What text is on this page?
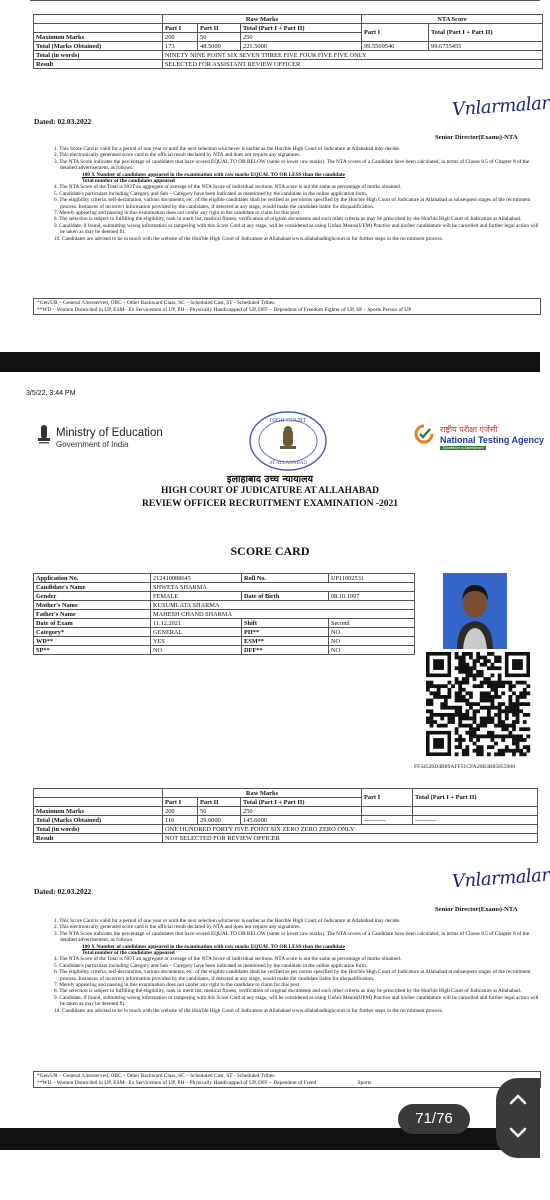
	Raw Marks			NTA Score	
	Part I	Part II	Total (Part I + Part II)	Part I	Total (Part I + Part II)
Maximum Marks	200	50	250		
Total (Marks Obtained)	173	48.5000	221.5000	99.5569546	99.6735455
Total (in words)	NINETY NINE POINT SIX SEVEN THREE FIVE FOUR FIVE FIVE ONLY				
Result	SELECTED FOR ASSISTANT REVIEW OFFICER				
Dated: 02.03.2022
Vnlarmalar
Senior Director(Exams)-NTA

1. This Score Card is valid for a period of one year or until the next selection whichever is earlier as the Hon'ble High Court of Judicature at Allahabad may decide.

2. This electronically generated score card is the official result declared by NTA and does not require any signatures.

3. The NTA Score indicates the percentage of candidates that have scored EQUAL TO OR BELOW (same or lower raw marks). The NTA scores of a Candidate have been calculated, in terms of Clause 8.5 of Chapter 8 of the detailed advertisement, as follows.

100 X Number of candidates appeared in the examination with raw marks EQUAL TO OR LESS than the candidate

Total number of the candidates appeared

4. The NTA Score of the Total is NOT an aggregate or average of the NTA Score of individual sections. NTA score is not the same as percentage of marks obtained.

5. Candidate's particulars including Category and Sub – Category have been indicated as mentioned by the candidate in the online application form.

6. The eligibility criteria, self-declaration, various documents, etc. of the eligible candidates shall be verified as per norms specified by the Hon'ble High Court of Judicature at Allahabad at subsequent stages of the recruitment process. Instances of incorrect information provided by the candidates, if detected at any stage, would make the candidate liable for disqualification.

7. Merely appearing and passing in this examination does not confer any right to the candidate to claim for this post.

8. The selection is subject to fulfilling the eligibility, rank in merit list, medical fitness, verification of original documents and such other criteria as may be prescribed by the Hon'ble High Court of Judicature at Allahabad.

9. Candidate, if found, submitting wrong information or tampering with this Score Card at any stage, will be considered as using Unfair Means(UFM) Practice and his/her candidature will be cancelled and further legal action will be taken as may be deemed fit.

10. Candidates are advised to be in touch with the website of the Hon'ble High Court of Judicature at Allahabad www.allahabadhighcourt.in for further steps in the recruitment process.

*Gen/UR – General /Unreserved, OBC – Other Backward Class, SC – Scheduled Cast, ST - Scheduled Tribes.
**WD – Women Domiciled in UP, ESM– Ex Servicemen of UP, PH – Physically Handicapped of UP, DFF – Dependent of Freedom Fighter of UP, SP – Sports Person of UP
3/5/22, 3:44 PM
Ministry of Education
Government of India
HIGH COURT
AT ALLAHABAD
राष्ट्रीय परीक्षा एजेंसी
National Testing Agency
Excellence in Assessment
इलाहाबाद उच्च न्यायालय
HIGH COURT OF JUDICATURE AT ALLAHABAD
REVIEW OFFICER RECRUITMENT EXAMINATION -2021
SCORE CARD
Application No.	212410088645	Roll No.	UP11002531
Candidate's Name	SHWETA SHARMA		
Gender	FEMALE	Date of Birth	08.10.1997
Mother's Name	KUSUMLATA SHARMA		
Father's Name	MAHESH CHAND SHARMA		
Date of Exam	11.12.2021	Shift	Second
Category*	GENERAL	PH**	NO
WD**	YES	ESM**	NO
SP**	NO	DFF**	NO
FF34526D4B89AFF51CFA26B3B85855900
	Raw Marks			Part I	Total (Part I + Part II)
	Part I	Part II	Total (Part I + Part II)		
Maximum Marks	200	50	250		
Total (Marks Obtained)	116	29.6000	145.6000	----------	----------
Total (in words)	ONE HUNDRED FORTY FIVE POINT SIX ZERO ZERO ZERO ONLY				
Result	NOT SELECTED FOR REVIEW OFFICER				
Dated: 02.03.2022	Vnlarmalar
Senior Director(Exams)-NTA

1. This Score Card is valid for a period of one year or until the next selection whichever is earlier as the Hon'ble High Court of Judicature at Allahabad may decide.

2. This electronically generated score card is the official result declared by NTA and does not require any signatures.

3. The NTA Score indicates the percentage of candidates that have scored EQUAL TO OR BELOW (same or lower raw marks). The NTA scores of a Candidate have been calculated, in terms of Clause 8.5 of Chapter 8 of the detailed advertisement, as follows.

100 X Number of candidates appeared in the examination with raw marks EQUAL TO OR LESS than the candidate

Total number of the candidates appeared

4. The NTA Score of the Total is NOT an aggregate or average of the NTA Score of individual sections. NTA score is not the same as percentage of marks obtained.

5. Candidate's particulars including Category and Sub – Category have been indicated as mentioned by the candidate in the online application form.

6. The eligibility criteria, self-declaration, various documents, etc. of the eligible candidates shall be verified as per norms specified by the Hon'ble High Court of Judicature at Allahabad at subsequent stages of the recruitment process. Instances of incorrect information provided by the candidates, if detected at any stage, would make the candidate liable for disqualification.

7. Merely appearing and passing in this examination does not confer any right to the candidate to claim for this post.

8. The selection is subject to fulfilling the eligibility, rank in merit list, medical fitness, verification of original documents and such other criteria as may be prescribed by the Hon'ble High Court of Judicature at Allahabad.

9. Candidate, if found, submitting wrong information or tampering with this Score Card at any stage, will be considered as using Unfair Means(UFM) Practice and his/her candidature will be cancelled and further legal action will be taken as may be deemed fit.

10. Candidates are advised to be in touch with the website of the Hon'ble High Court of Judicature at Allahabad www.allahabadhighcourt.in for further steps in the recruitment process.

*Gen/UR – General /Unreserved, OBC – Other Backward Class, SC – Scheduled Cast, ST - Scheduled Tribes.
**WD – Women Domiciled in UP, ESM– Ex Servicemen of UP, PH – Physically Handicapped of UP, DFF – Dependent of Freed	Sports
71/76
